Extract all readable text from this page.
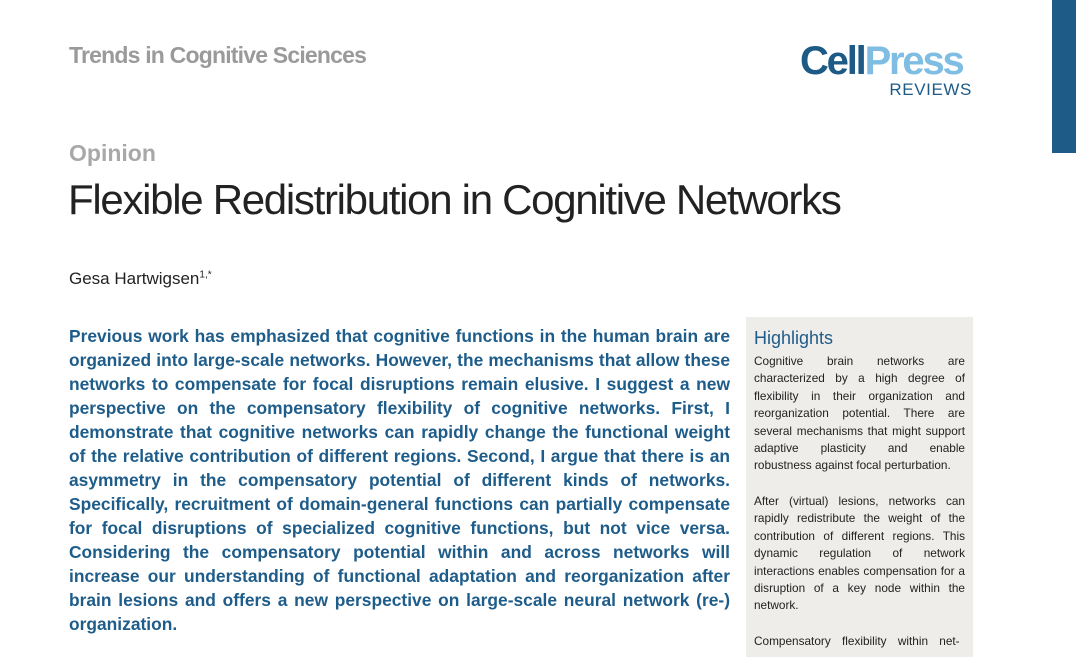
Trends in Cognitive Sciences	CellPress
REVIEWS
Opinion
Flexible Redistribution in Cognitive Networks
Gesa Hartwigsen$^{1,*}$

Previous work has emphasized that cognitive functions in the human brain are organized into large-scale networks. However, the mechanisms that allow these networks to compensate for focal disruptions remain elusive. I suggest a new perspective on the compensatory flexibility of cognitive networks. First, I demonstrate that cognitive networks can rapidly change the functional weight of the relative contribution of different regions. Second, I argue that there is an asymmetry in the compensatory potential of different kinds of networks. Specifically, recruitment of domain-general functions can partially compensate for focal disruptions of specialized cognitive functions, but not vice versa. Considering the compensatory potential within and across networks will increase our understanding of functional adaptation and reorganization after brain lesions and offers a new perspective on large-scale neural network (re-) organization.

Highlights

Cognitive brain networks are characterized by a high degree of flexibility in their organization and reorganization potential. There are several mechanisms that might support adaptive plasticity and enable robustness against focal perturbation.

After (virtual) lesions, networks can rapidly redistribute the weight of the contribution of different regions. This dynamic regulation of network interactions enables compensation for a disruption of a key node within the network.

Compensatory flexibility within net-
